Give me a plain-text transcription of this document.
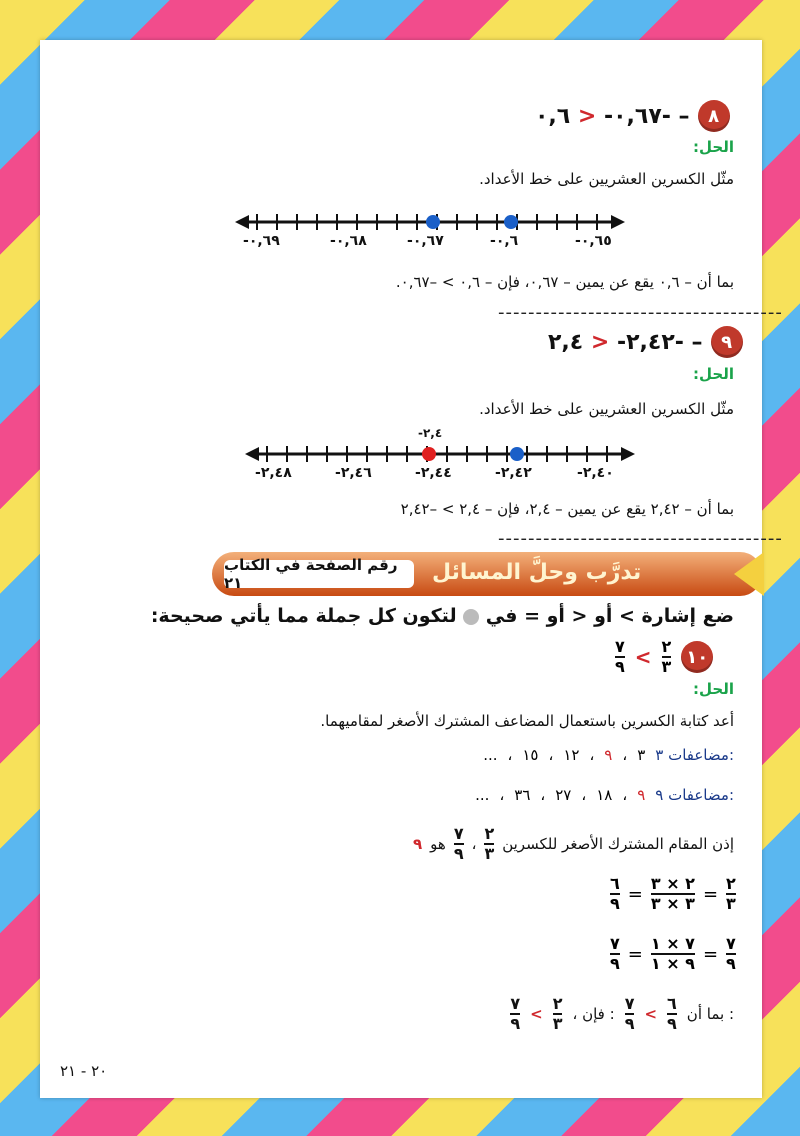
٠,٦٧- < ٠,٦- – ٨
الحل:
مثّل الكسرين العشريين على خط الأعداد.
-٠,٦٩	-٠,٦٨	-٠,٦٧	-٠,٦	-٠,٦٥
بما أن – ٠,٦ يقع عن يمين – ٠,٦٧، فإن – ٠,٦ > –٠,٦٧.
--------------------------------------
٢,٤٢- < ٢,٤- – ٩
الحل:
مثّل الكسرين العشريين على خط الأعداد.
-٢,٤
-٢,٤٨	-٢,٤٦	-٢,٤٤	-٢,٤٢	-٢,٤٠
بما أن – ٢,٤٢ يقع عن يمين – ٢,٤، فإن – ٢,٤ > –٢,٤٢
--------------------------------------
رقم الصفحة في الكتاب ٢١	تدرَّب وحلَّ المسائل
ضع إشارة > أو < أو = في  لتكون كل جملة مما يأتي صحيحة:
$\frac{٧}{٩} < \frac{٢}{٣}$ ١٠
الحل:
أعد كتابة الكسرين باستعمال المضاعف المشترك الأصغر لمقاميهما.
مضاعفات ٣:
٣
،
٩
،
١٢
،
١٥
،
...
مضاعفات ٩:
٩
،
١٨
،
٢٧
،
٣٦
،
...
إذن المقام المشترك الأصغر للكسرين
$\frac{٢}{٣}$
،
$\frac{٧}{٩}$
هو
٩
$\frac{٦}{٩} = \frac{٢ \times ٣}{٣ \times ٣} = \frac{٢}{٣}$
$\frac{٧}{٩} = \frac{٧ \times ١}{٩ \times ١} = \frac{٧}{٩}$
بما أن :
$\frac{٦}{٩}$
<
$\frac{٧}{٩}$
، فإن :
$\frac{٢}{٣}$
<
$\frac{٧}{٩}$
٢٠ - ٢١
